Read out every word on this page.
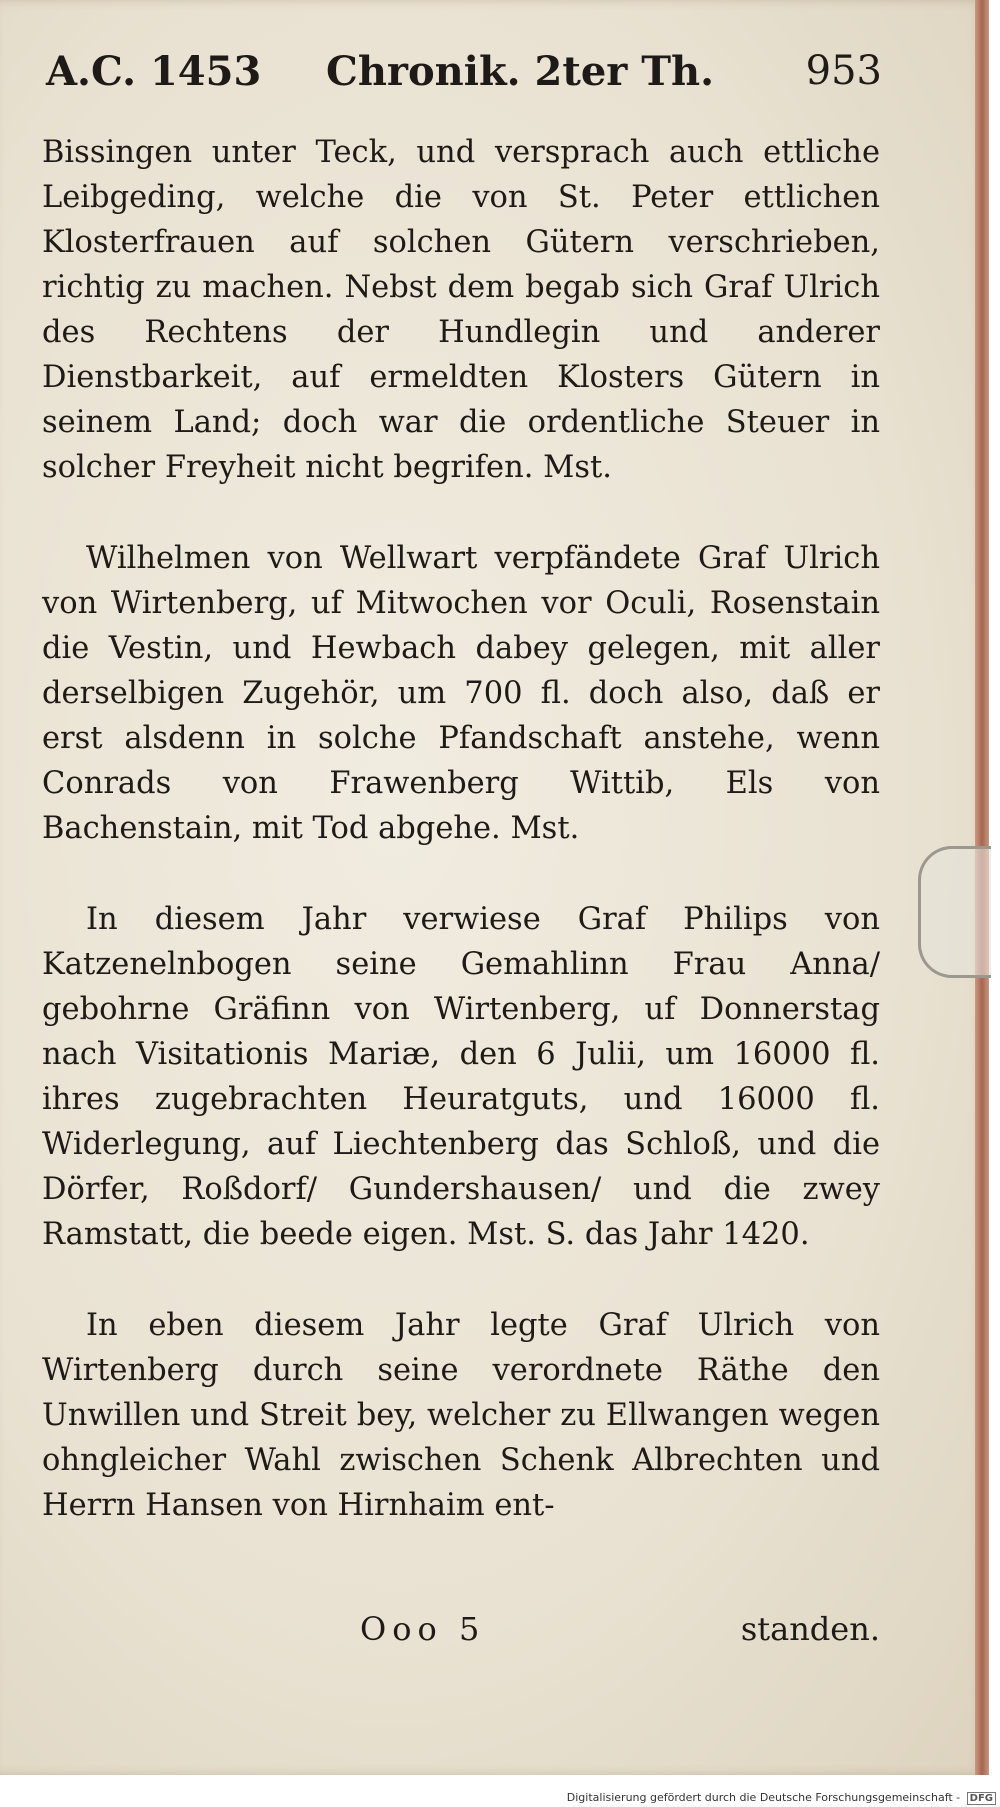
A.C. 1453 Chronik. 2ter Th. 953

Bissingen unter Teck, und versprach auch ettliche Leibgeding, welche die von St. Peter ettlichen Klosterfrauen auf solchen Gütern verschrieben, richtig zu machen. Nebst dem begab sich Graf Ulrich des Rechtens der Hundlegin und anderer Dienstbarkeit, auf ermeldten Klosters Gütern in seinem Land; doch war die ordentliche Steuer in solcher Freyheit nicht begrifen. Mst.

Wilhelmen von Wellwart verpfändete Graf Ulrich von Wirtenberg, uf Mitwochen vor Oculi, Rosenstain die Vestin, und Hewbach dabey gelegen, mit aller derselbigen Zugehör, um 700 fl. doch also, daß er erst alsdenn in solche Pfandschaft anstehe, wenn Conrads von Frawenberg Wittib, Els von Bachenstain, mit Tod abgehe. Mst.

In diesem Jahr verwiese Graf Philips von Katzenelnbogen seine Gemahlinn Frau Anna/ gebohrne Gräfinn von Wirtenberg, uf Donnerstag nach Visitationis Mariæ, den 6 Julii, um 16000 fl. ihres zugebrachten Heuratguts, und 16000 fl. Widerlegung, auf Liechtenberg das Schloß, und die Dörfer, Roßdorf/ Gundershausen/ und die zwey Ramstatt, die beede eigen. Mst. S. das Jahr 1420.

In eben diesem Jahr legte Graf Ulrich von Wirtenberg durch seine verordnete Räthe den Unwillen und Streit bey, welcher zu Ellwangen wegen ohngleicher Wahl zwischen Schenk Albrechten und Herrn Hansen von Hirnhaim ent-

Ooo 5	standen.
Digitalisierung gefördert durch die Deutsche Forschungsgemeinschaft - DFG
